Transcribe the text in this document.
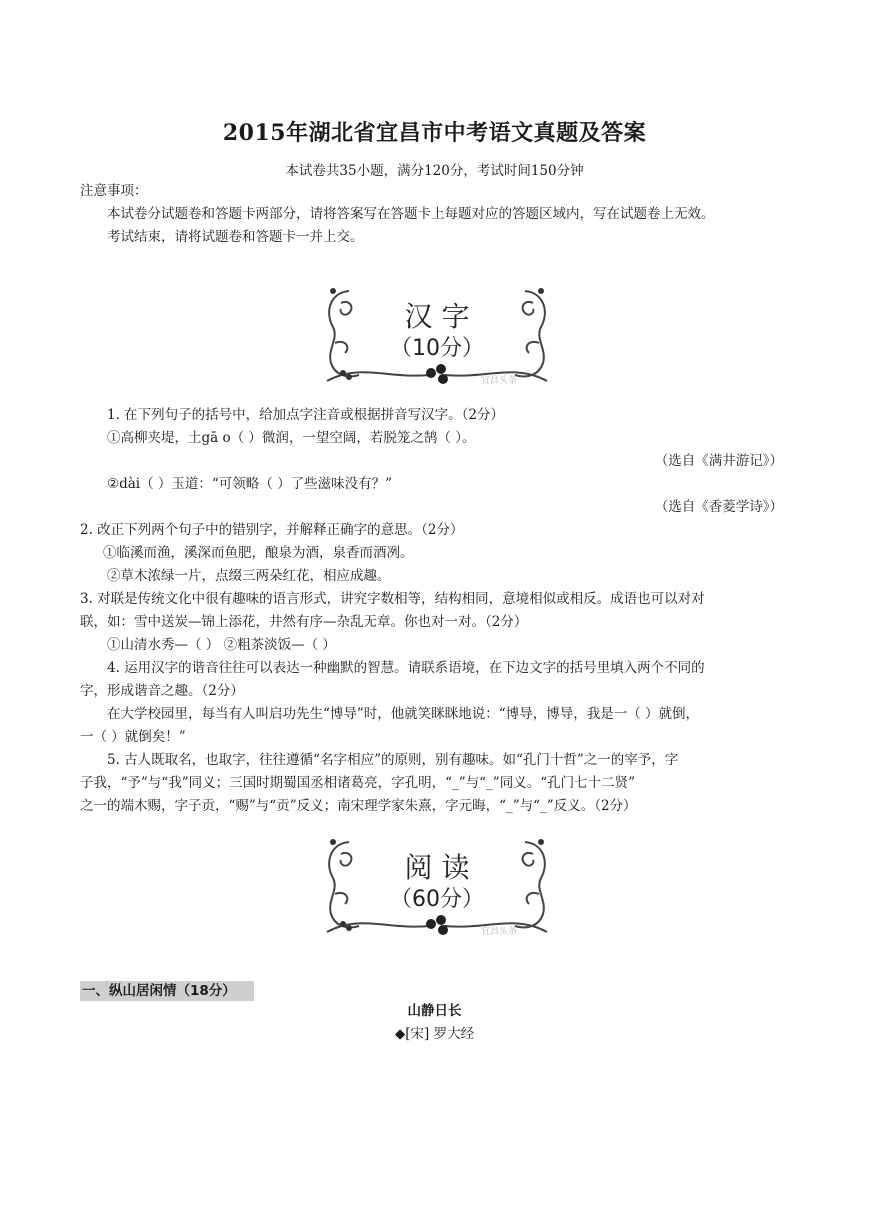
2015年湖北省宜昌市中考语文真题及答案
本试卷共35小题，满分120分，考试时间150分钟
注意事项：
本试卷分试题卷和答题卡两部分，请将答案写在答题卡上每题对应的答题区域内，写在试题卷上无效。
考试结束，请将试题卷和答题卡一并上交。
汉 字
（10分）
宜昌头条
1. 在下列句子的括号中，给加点字注音或根据拼音写汉字。（2分）
①高柳夹堤，土gā o（ ）微润，一望空阔，若脱笼之鹄（ ）。
（选自《满井游记》）
②dài（ ）玉道：“可领略（ ）了些滋味没有？”
（选自《香菱学诗》）
2. 改正下列两个句子中的错别字，并解释正确字的意思。（2分）
①临溪而渔，溪深而鱼肥，酿泉为酒，泉香而酒冽。
②草木浓绿一片，点缀三两朵红花，相应成趣。
3. 对联是传统文化中很有趣味的语言形式，讲究字数相等，结构相同，意境相似或相反。成语也可以对对
联，如：雪中送炭—锦上添花，井然有序—杂乱无章。你也对一对。（2分）
①山清水秀—（ ） ②粗茶淡饭—（ ）
4. 运用汉字的谐音往往可以表达一种幽默的智慧。请联系语境，在下边文字的括号里填入两个不同的
字，形成谐音之趣。（2分）
在大学校园里，每当有人叫启功先生“博导”时，他就笑眯眯地说：“博导，博导，我是一（ ）就倒，
一（ ）就倒矣！”
5. 古人既取名，也取字，往往遵循“名字相应”的原则，别有趣味。如“孔门十哲”之一的宰予，字
子我，“予”与“我”同义；三国时期蜀国丞相诸葛亮，字孔明，“_”与“_”同义。“孔门七十二贤”
之一的端木赐，字子贡，“赐”与“贡”反义；南宋理学家朱熹，字元晦，“_”与“_”反义。（2分）
阅 读
（60分）
宜昌头条
一、纵山居闲情（18分）
山静日长
◆[宋] 罗大经
